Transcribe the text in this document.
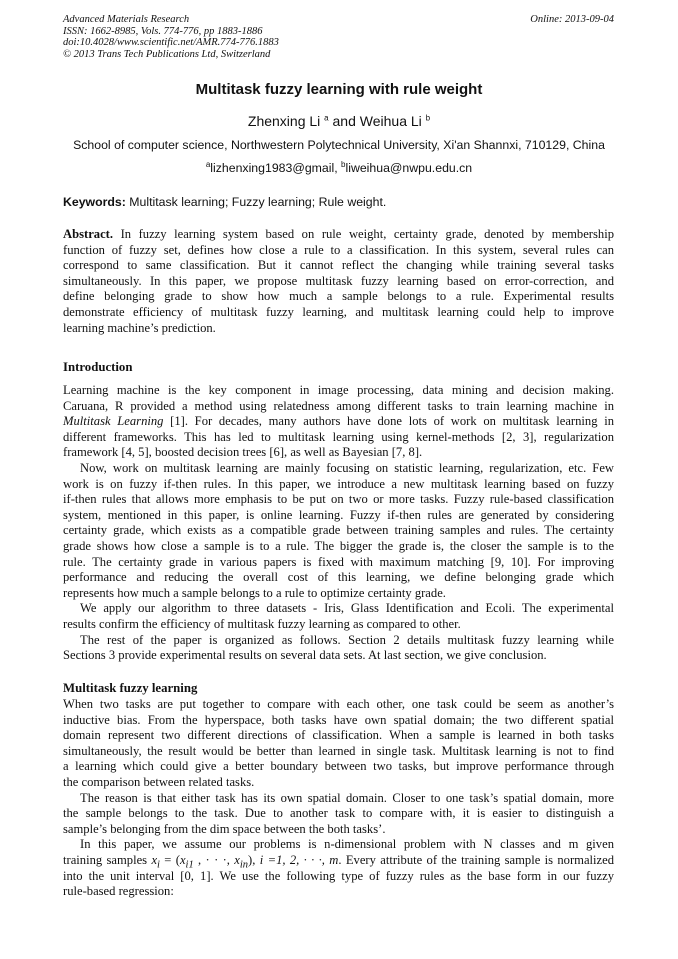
Advanced Materials Research
ISSN: 1662-8985, Vols. 774-776, pp 1883-1886
doi:10.4028/www.scientific.net/AMR.774-776.1883
© 2013 Trans Tech Publications Ltd, Switzerland
Online: 2013-09-04
Multitask fuzzy learning with rule weight
Zhenxing Li $^a$ and Weihua Li $^b$
School of computer science, Northwestern Polytechnical University, Xi'an Shannxi, 710129, China
$^a$lizhenxing1983@gmail, $^b$liweihua@nwpu.edu.cn
Keywords: Multitask learning; Fuzzy learning; Rule weight.
Abstract. In fuzzy learning system based on rule weight, certainty grade, denoted by membership
function of fuzzy set, defines how close a rule to a classification. In this system, several rules can
correspond to same classification. But it cannot reflect the changing while training several tasks
simultaneously. In this paper, we propose multitask fuzzy learning based on error-correction, and
define belonging grade to show how much a sample belongs to a rule. Experimental results
demonstrate efficiency of multitask fuzzy learning, and multitask learning could help to improve
learning machine’s prediction.
Introduction
Learning machine is the key component in image processing, data mining and decision making.
Caruana, R provided a method using relatedness among different tasks to train learning machine in
Multitask Learning [1]. For decades, many authors have done lots of work on multitask learning in
different frameworks. This has led to multitask learning using kernel-methods [2, 3], regularization
framework [4, 5], boosted decision trees [6], as well as Bayesian [7, 8].
Now, work on multitask learning are mainly focusing on statistic learning, regularization, etc. Few
work is on fuzzy if-then rules. In this paper, we introduce a new multitask learning based on fuzzy
if-then rules that allows more emphasis to be put on two or more tasks. Fuzzy rule-based classification
system, mentioned in this paper, is online learning. Fuzzy if-then rules are generated by considering
certainty grade, which exists as a compatible grade between training samples and rules. The certainty
grade shows how close a sample is to a rule. The bigger the grade is, the closer the sample is to the
rule. The certainty grade in various papers is fixed with maximum matching [9, 10]. For improving
performance and reducing the overall cost of this learning, we define belonging grade which
represents how much a sample belongs to a rule to optimize certainty grade.
We apply our algorithm to three datasets - Iris, Glass Identification and Ecoli. The experimental
results confirm the efficiency of multitask fuzzy learning as compared to other.
The rest of the paper is organized as follows. Section 2 details multitask fuzzy learning while
Sections 3 provide experimental results on several data sets. At last section, we give conclusion.
Multitask fuzzy learning
When two tasks are put together to compare with each other, one task could be seem as another’s
inductive bias. From the hyperspace, both tasks have own spatial domain; the two different spatial
domain represent two different directions of classification. When a sample is learned in both tasks
simultaneously, the result would be better than learned in single task. Multitask learning is not to find
a learning which could give a better boundary between two tasks, but improve performance through
the comparison between related tasks.
The reason is that either task has its own spatial domain. Closer to one task’s spatial domain, more
the sample belongs to the task. Due to another task to compare with, it is easier to distinguish a
sample’s belonging from the dim space between the both tasks’.
In this paper, we assume our problems is n-dimensional problem with N classes and m given
training samples $x_i = (x_{i1}$ , · · ·, $x_{in}$), i =1, 2, · · ·, m. Every attribute of the training sample is normalized
into the unit interval [0, 1]. We use the following type of fuzzy rules as the base form in our fuzzy
rule-based regression:
